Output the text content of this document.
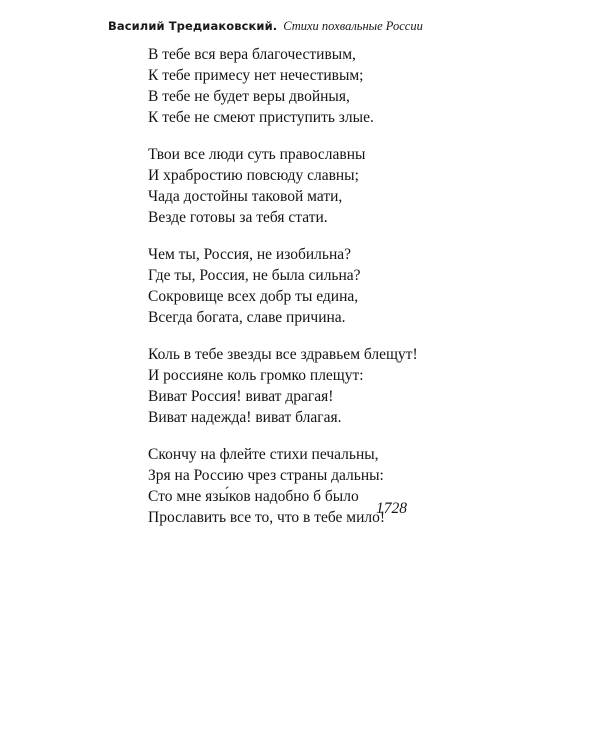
Василий Тредиаковский. Стихи похвальные России
В тебе вся вера благочестивым,
К тебе примесу нет нечестивым;
В тебе не будет веры двойныя,
К тебе не смеют приступить злые.
Твои все люди суть православны
И храбростию повсюду славны;
Чада достойны таковой мати,
Везде готовы за тебя стати.
Чем ты, Россия, не изобильна?
Где ты, Россия, не была сильна?
Сокровище всех добр ты едина,
Всегда богата, славе причина.
Коль в тебе звезды все здравьем блещут!
И россияне коль громко плещут:
Виват Россия! виват драгая!
Виват надежда! виват благая.
Скончу на флейте стихи печальны,
Зря на Россию чрез страны дальны:
Сто мне язы́ков надобно б было
Прославить все то, что в тебе мило!
1728
